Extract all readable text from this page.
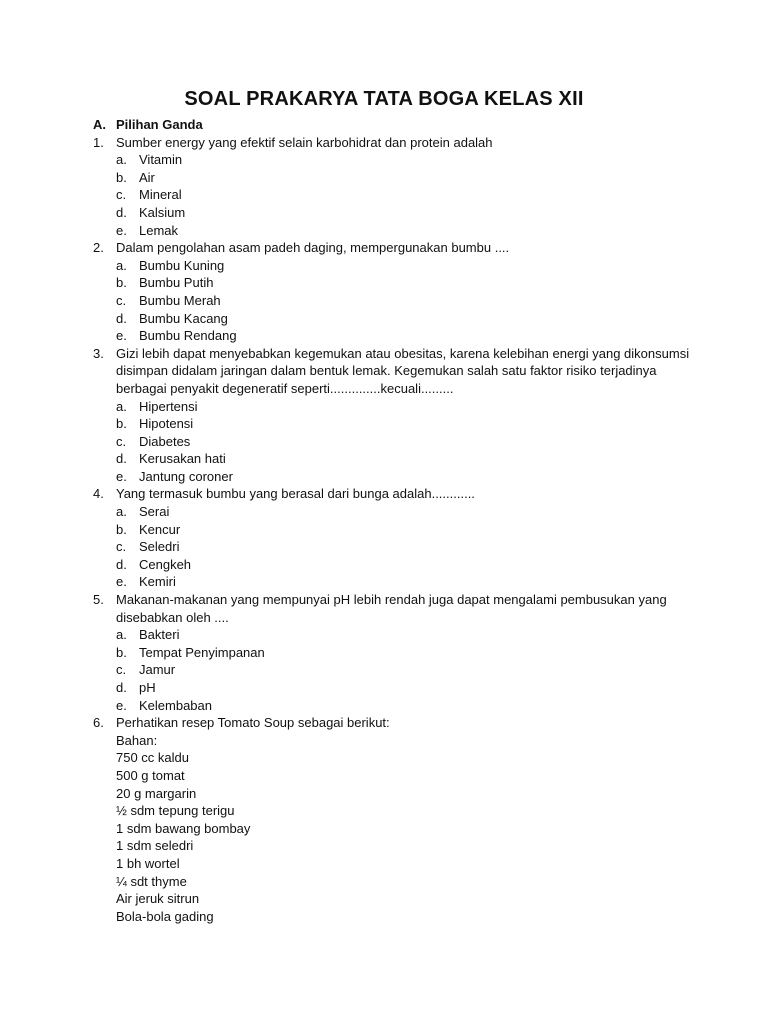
SOAL PRAKARYA TATA BOGA KELAS XII
A. Pilihan Ganda
1. Sumber energy yang efektif selain karbohidrat dan protein adalah
a. Vitamin
b. Air
c. Mineral
d. Kalsium
e. Lemak
2. Dalam pengolahan asam padeh daging, mempergunakan bumbu ....
a. Bumbu Kuning
b. Bumbu Putih
c. Bumbu Merah
d. Bumbu Kacang
e. Bumbu Rendang
3. Gizi lebih dapat menyebabkan kegemukan atau obesitas, karena kelebihan energi yang dikonsumsi disimpan didalam jaringan dalam bentuk lemak. Kegemukan salah satu faktor risiko terjadinya berbagai penyakit degeneratif seperti..............kecuali.........
a. Hipertensi
b. Hipotensi
c. Diabetes
d. Kerusakan hati
e. Jantung coroner
4. Yang termasuk bumbu yang berasal dari bunga adalah............
a. Serai
b. Kencur
c. Seledri
d. Cengkeh
e. Kemiri
5. Makanan-makanan yang mempunyai pH lebih rendah juga dapat mengalami pembusukan yang disebabkan oleh ....
a. Bakteri
b. Tempat Penyimpanan
c. Jamur
d. pH
e. Kelembaban
6. Perhatikan resep Tomato Soup sebagai berikut:
Bahan:
750 cc kaldu
500 g tomat
20 g margarin
½ sdm tepung terigu
1 sdm bawang bombay
1 sdm seledri
1 bh wortel
¼ sdt thyme
Air jeruk sitrun
Bola-bola gading
